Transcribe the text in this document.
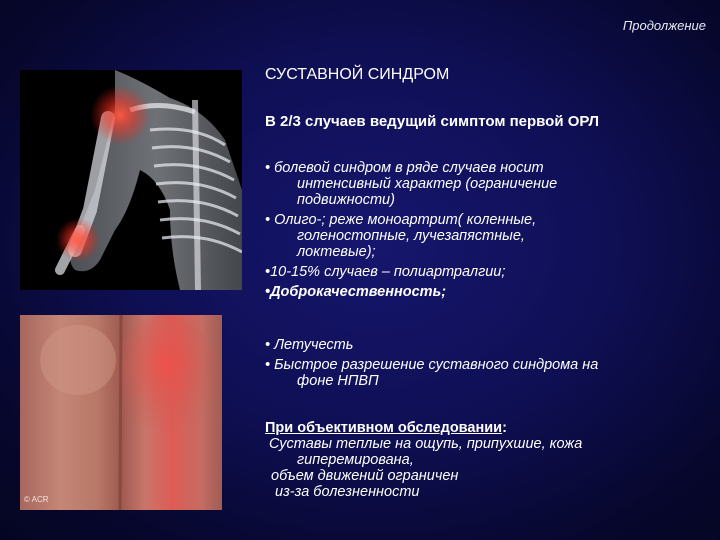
Продолжение
© ACR
СУСТАВНОЙ СИНДРОМ
В 2/3 случаев ведущий симптом первой ОРЛ
• болевой синдром в ряде случаев носит
интенсивный характер (ограничение
подвижности)
• Олиго-; реже моноартрит( коленные,
голеностопные, лучезапястные,
локтевые);
•10-15% случаев – полиартралгии;
•Доброкачественность;
• Летучесть
• Быстрое разрешение суставного синдрома на
фоне НПВП
При объективном обследовании:
Суставы теплые на ощупь, припухшие, кожа
гиперемирована,
объем движений ограничен
из-за болезненности
